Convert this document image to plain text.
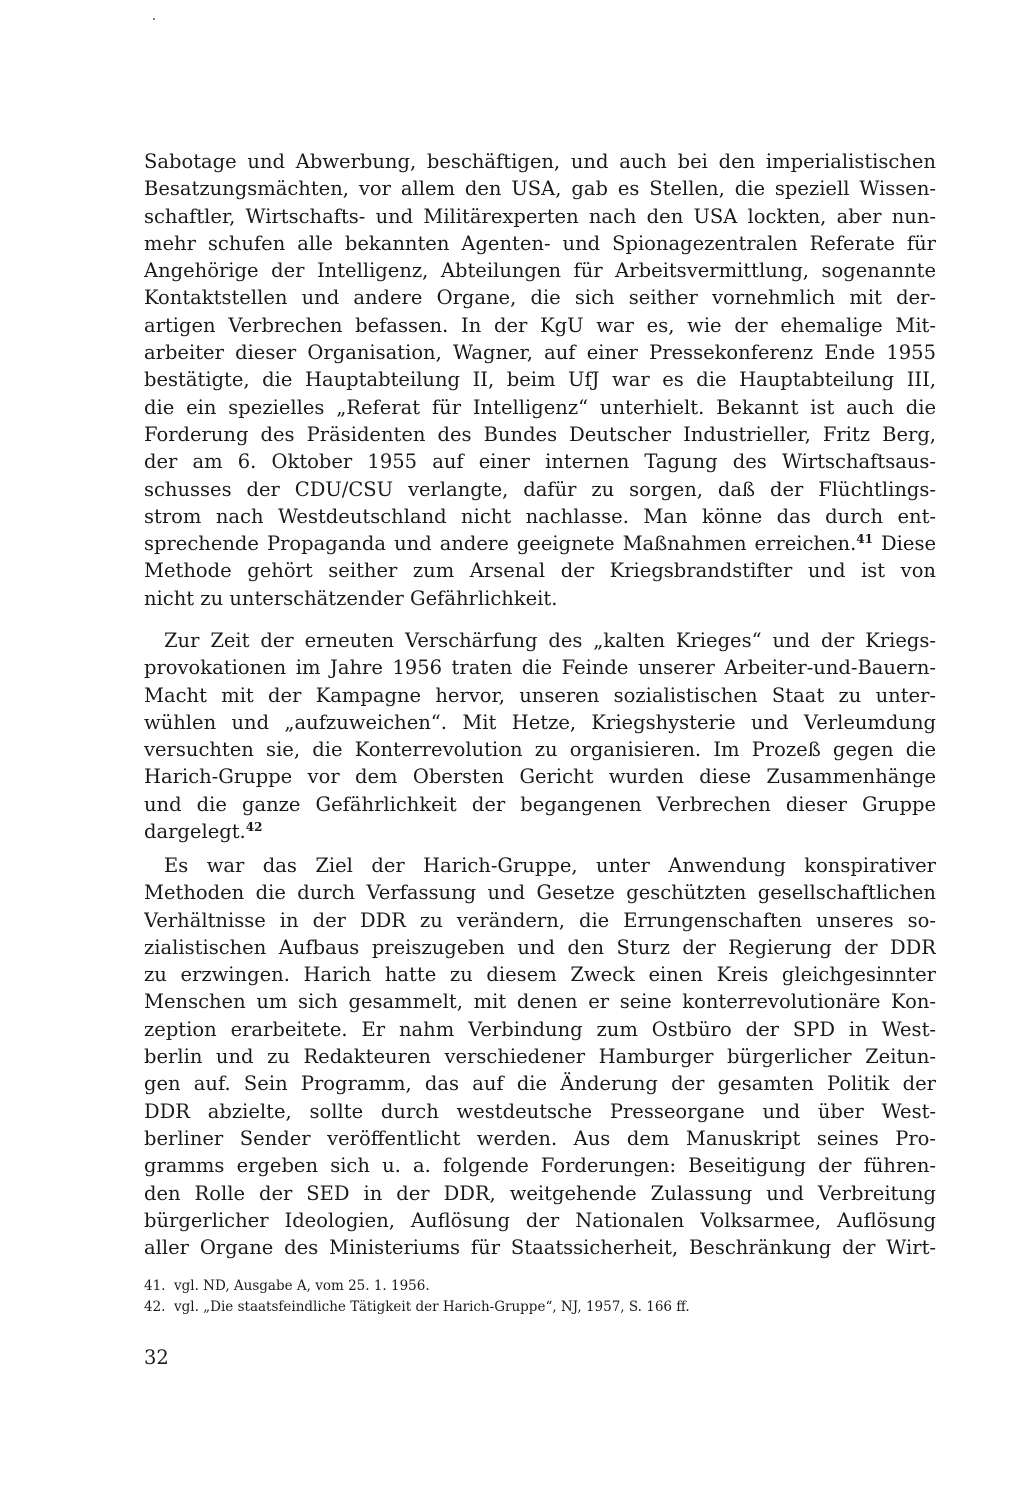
Sabotage und Abwerbung, beschäftigen, und auch bei den imperialistischen
Besatzungsmächten, vor allem den USA, gab es Stellen, die speziell Wissen-
schaftler, Wirtschafts- und Militärexperten nach den USA lockten, aber nun-
mehr schufen alle bekannten Agenten- und Spionagezentralen Referate für
Angehörige der Intelligenz, Abteilungen für Arbeitsvermittlung, sogenannte
Kontaktstellen und andere Organe, die sich seither vornehmlich mit der-
artigen Verbrechen befassen. In der KgU war es, wie der ehemalige Mit-
arbeiter dieser Organisation, Wagner, auf einer Pressekonferenz Ende 1955
bestätigte, die Hauptabteilung II, beim UfJ war es die Hauptabteilung III,
die ein spezielles „Referat für Intelligenz“ unterhielt. Bekannt ist auch die
Forderung des Präsidenten des Bundes Deutscher Industrieller, Fritz Berg,
der am 6. Oktober 1955 auf einer internen Tagung des Wirtschaftsaus-
schusses der CDU/CSU verlangte, dafür zu sorgen, daß der Flüchtlings-
strom nach Westdeutschland nicht nachlasse. Man könne das durch ent-
sprechende Propaganda und andere geeignete Maßnahmen erreichen.$^{41}$ Diese
Methode gehört seither zum Arsenal der Kriegsbrandstifter und ist von
nicht zu unterschätzender Gefährlichkeit.
Zur Zeit der erneuten Verschärfung des „kalten Krieges“ und der Kriegs-
provokationen im Jahre 1956 traten die Feinde unserer Arbeiter-und-Bauern-
Macht mit der Kampagne hervor, unseren sozialistischen Staat zu unter-
wühlen und „aufzuweichen“. Mit Hetze, Kriegshysterie und Verleumdung
versuchten sie, die Konterrevolution zu organisieren. Im Prozeß gegen die
Harich-Gruppe vor dem Obersten Gericht wurden diese Zusammenhänge
und die ganze Gefährlichkeit der begangenen Verbrechen dieser Gruppe
dargelegt.$^{42}$
Es war das Ziel der Harich-Gruppe, unter Anwendung konspirativer
Methoden die durch Verfassung und Gesetze geschützten gesellschaftlichen
Verhältnisse in der DDR zu verändern, die Errungenschaften unseres so-
zialistischen Aufbaus preiszugeben und den Sturz der Regierung der DDR
zu erzwingen. Harich hatte zu diesem Zweck einen Kreis gleichgesinnter
Menschen um sich gesammelt, mit denen er seine konterrevolutionäre Kon-
zeption erarbeitete. Er nahm Verbindung zum Ostbüro der SPD in West-
berlin und zu Redakteuren verschiedener Hamburger bürgerlicher Zeitun-
gen auf. Sein Programm, das auf die Änderung der gesamten Politik der
DDR abzielte, sollte durch westdeutsche Presseorgane und über West-
berliner Sender veröffentlicht werden. Aus dem Manuskript seines Pro-
gramms ergeben sich u. a. folgende Forderungen: Beseitigung der führen-
den Rolle der SED in der DDR, weitgehende Zulassung und Verbreitung
bürgerlicher Ideologien, Auflösung der Nationalen Volksarmee, Auflösung
aller Organe des Ministeriums für Staatssicherheit, Beschränkung der Wirt-
41. vgl. ND, Ausgabe A, vom 25. 1. 1956.
42. vgl. „Die staatsfeindliche Tätigkeit der Harich-Gruppe“, NJ, 1957, S. 166 ff.
32
